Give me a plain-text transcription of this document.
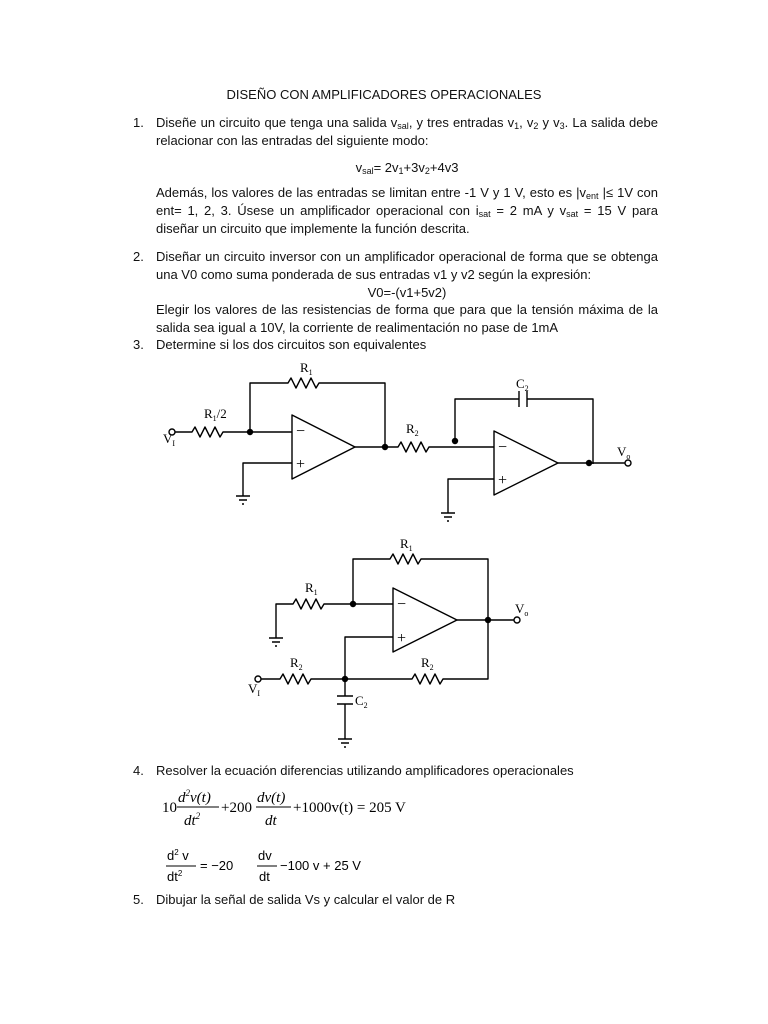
DISEÑO CON AMPLIFICADORES OPERACIONALES
1. Diseñe un circuito que tenga una salida $v_{sal}$, y tres entradas $v_1$, $v_2$ y $v_3$. La salida debe relacionar con las entradas del siguiente modo:
$v_{sal}= 2v_1+3v_2+4v3$
Además, los valores de las entradas se limitan entre -1 V y 1 V, esto es $|v_{ent}$ |≤ 1V con ent= 1, 2, 3. Úsese un amplificador operacional con $i_{sat} = 2$ mA y $v_{sat} = 15$ V para diseñar un circuito que implemente la función descrita.
2. Diseñar un circuito inversor con un amplificador operacional de forma que se obtenga una V0 como suma ponderada de sus entradas v1 y v2 según la expresión:
V0=-(v1+5v2)
Elegir los valores de las resistencias de forma que para que la tensión máxima de la salida sea igual a 10V, la corriente de realimentación no pase de 1mA
3. Determine si los dos circuitos son equivalentes
$R_1$
$R_1/2$
$V_I$
$R_2$
$C_2$
$V_o$
−
+
−
+
$R_1$
$R_1$
$R_2$	$R_2$
$C_2$
$V_I$
$V_o$
−
+
4. Resolver la ecuación diferencias utilizando amplificadores operacionales
10
$d^2v(t)$
$dt^2 +200$
dv(t)
dt
+1000v(t) = 205 V
$d^2$ v
$dt^2$
= −20
dv
dt
−100 v + 25 V
5. Dibujar la señal de salida Vs y calcular el valor de R
